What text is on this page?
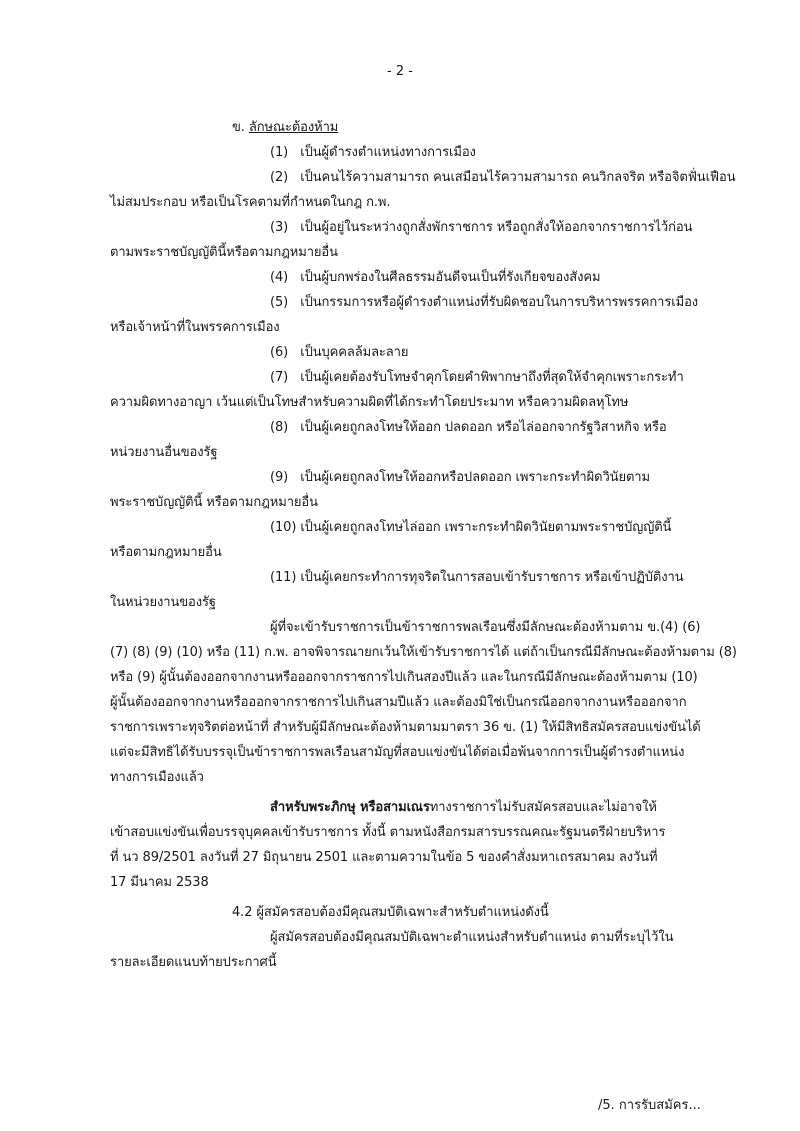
- 2 -
ข. ลักษณะต้องห้าม
(1) เป็นผู้ดำรงตำแหน่งทางการเมือง
(2) เป็นคนไร้ความสามารถ คนเสมือนไร้ความสามารถ คนวิกลจริต หรือจิตฟั่นเฟือน
ไม่สมประกอบ หรือเป็นโรคตามที่กำหนดในกฎ ก.พ.
(3) เป็นผู้อยู่ในระหว่างถูกสั่งพักราชการ หรือถูกสั่งให้ออกจากราชการไว้ก่อน
ตามพระราชบัญญัตินี้หรือตามกฎหมายอื่น
(4) เป็นผู้บกพร่องในศีลธรรมอันดีจนเป็นที่รังเกียจของสังคม
(5) เป็นกรรมการหรือผู้ดำรงตำแหน่งที่รับผิดชอบในการบริหารพรรคการเมือง
หรือเจ้าหน้าที่ในพรรคการเมือง
(6) เป็นบุคคลล้มละลาย
(7) เป็นผู้เคยต้องรับโทษจำคุกโดยคำพิพากษาถึงที่สุดให้จำคุกเพราะกระทำ
ความผิดทางอาญา เว้นแต่เป็นโทษสำหรับความผิดที่ได้กระทำโดยประมาท หรือความผิดลหุโทษ
(8) เป็นผู้เคยถูกลงโทษให้ออก ปลดออก หรือไล่ออกจากรัฐวิสาหกิจ หรือ
หน่วยงานอื่นของรัฐ
(9) เป็นผู้เคยถูกลงโทษให้ออกหรือปลดออก เพราะกระทำผิดวินัยตาม
พระราชบัญญัตินี้ หรือตามกฎหมายอื่น
(10) เป็นผู้เคยถูกลงโทษไล่ออก เพราะกระทำผิดวินัยตามพระราชบัญญัตินี้
หรือตามกฎหมายอื่น
(11) เป็นผู้เคยกระทำการทุจริตในการสอบเข้ารับราชการ หรือเข้าปฏิบัติงาน
ในหน่วยงานของรัฐ
ผู้ที่จะเข้ารับราชการเป็นข้าราชการพลเรือนซึ่งมีลักษณะต้องห้ามตาม ข.(4) (6)
(7) (8) (9) (10) หรือ (11) ก.พ. อาจพิจารณายกเว้นให้เข้ารับราชการได้ แต่ถ้าเป็นกรณีมีลักษณะต้องห้ามตาม (8)
หรือ (9) ผู้นั้นต้องออกจากงานหรือออกจากราชการไปเกินสองปีแล้ว และในกรณีมีลักษณะต้องห้ามตาม (10)
ผู้นั้นต้องออกจากงานหรือออกจากราชการไปเกินสามปีแล้ว และต้องมิใช่เป็นกรณีออกจากงานหรือออกจาก
ราชการเพราะทุจริตต่อหน้าที่ สำหรับผู้มีลักษณะต้องห้ามตามมาตรา 36 ข. (1) ให้มีสิทธิสมัครสอบแข่งขันได้
แต่จะมีสิทธิได้รับบรรจุเป็นข้าราชการพลเรือนสามัญที่สอบแข่งขันได้ต่อเมื่อพ้นจากการเป็นผู้ดำรงตำแหน่ง
ทางการเมืองแล้ว
สำหรับพระภิกษุ หรือสามเณรทางราชการไม่รับสมัครสอบและไม่อาจให้
เข้าสอบแข่งขันเพื่อบรรจุบุคคลเข้ารับราชการ ทั้งนี้ ตามหนังสือกรมสารบรรณคณะรัฐมนตรีฝ่ายบริหาร
ที่ นว 89/2501 ลงวันที่ 27 มิถุนายน 2501 และตามความในข้อ 5 ของคำสั่งมหาเถรสมาคม ลงวันที่
17 มีนาคม 2538
4.2 ผู้สมัครสอบต้องมีคุณสมบัติเฉพาะสำหรับตำแหน่งดังนี้
ผู้สมัครสอบต้องมีคุณสมบัติเฉพาะตำแหน่งสำหรับตำแหน่ง ตามที่ระบุไว้ใน
รายละเอียดแนบท้ายประกาศนี้
/5. การรับสมัคร...
